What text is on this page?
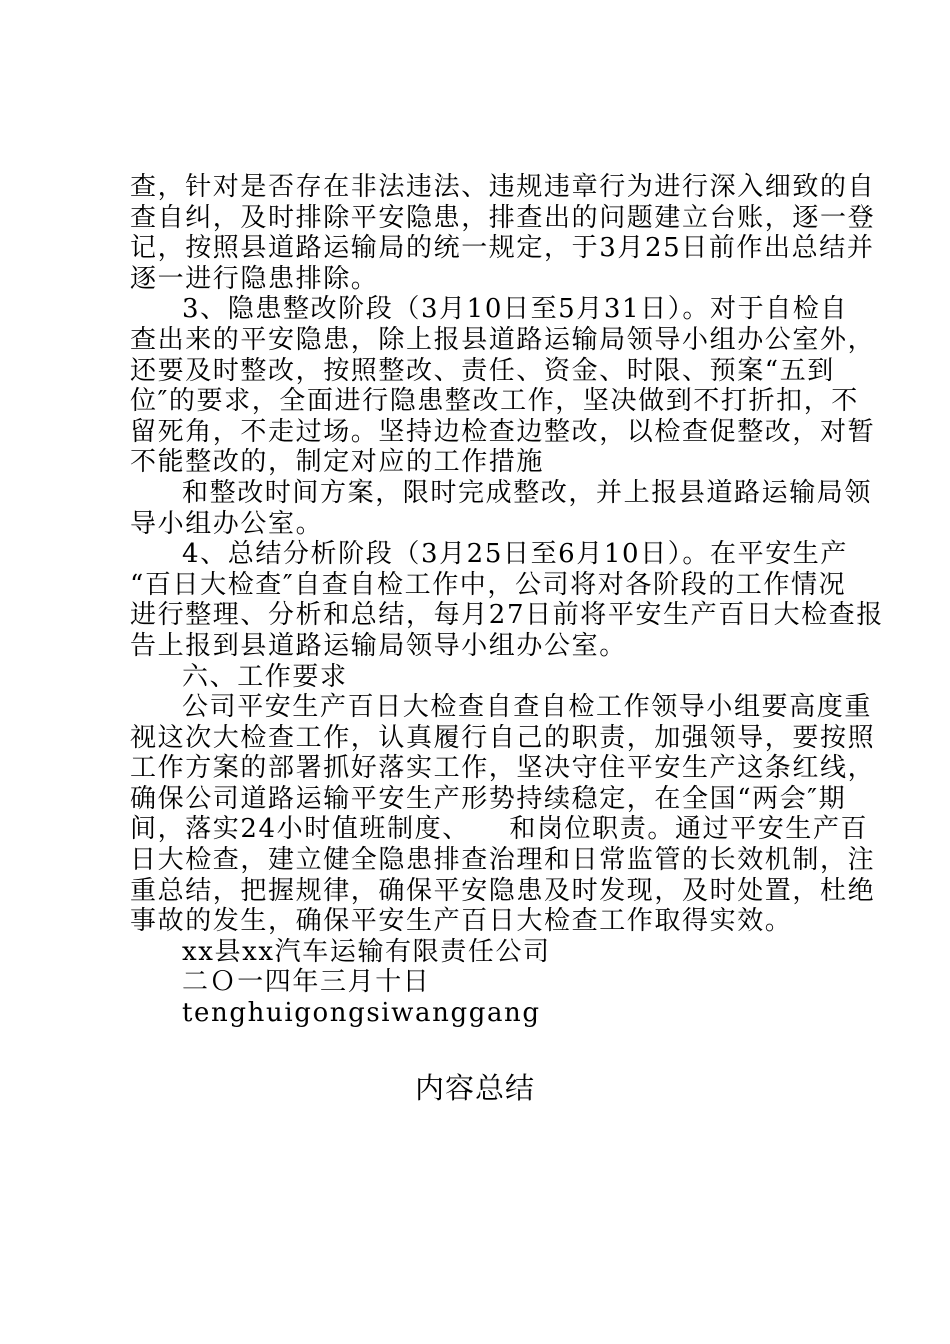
查，针对是否存在非法违法、违规违章行为进行深入细致的自
查自纠，及时排除平安隐患，排查出的问题建立台账，逐一登
记，按照县道路运输局的统一规定，于3月25日前作出总结并
逐一进行隐患排除。
3、隐患整改阶段（3月10日至5月31日）。对于自检自
查出来的平安隐患，除上报县道路运输局领导小组办公室外，
还要及时整改，按照整改、责任、资金、时限、预案“五到
位″的要求，全面进行隐患整改工作，坚决做到不打折扣，不
留死角，不走过场。坚持边检查边整改，以检查促整改，对暂
不能整改的，制定对应的工作措施
和整改时间方案，限时完成整改，并上报县道路运输局领
导小组办公室。
4、总结分析阶段（3月25日至6月10日）。在平安生产
“百日大检查″自查自检工作中，公司将对各阶段的工作情况
进行整理、分析和总结，每月27日前将平安生产百日大检查报
告上报到县道路运输局领导小组办公室。
六、工作要求
公司平安生产百日大检查自查自检工作领导小组要高度重
视这次大检查工作，认真履行自己的职责，加强领导，要按照
工作方案的部署抓好落实工作，坚决守住平安生产这条红线，
确保公司道路运输平安生产形势持续稳定，在全国“两会″期
间，落实24小时值班制度、    和岗位职责。通过平安生产百
日大检查，建立健全隐患排查治理和日常监管的长效机制，注
重总结，把握规律，确保平安隐患及时发现，及时处置，杜绝
事故的发生，确保平安生产百日大检查工作取得实效。
xx县xx汽车运输有限责任公司
二Ｏ一四年三月十日
tenghuigongsiwanggang
内容总结
